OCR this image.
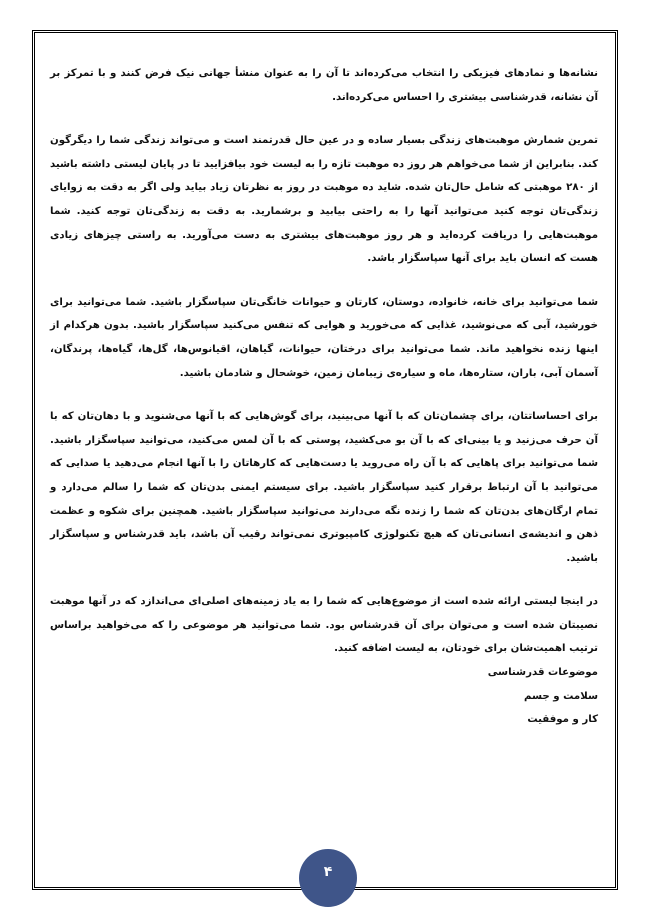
نشانه‌ها و نمادهای فیزیکی را انتخاب می‌کرده‌اند تا آن را به عنوان منشأ جهانی نیک فرض کنند و با تمرکز بر آن نشانه، قدرشناسی بیشتری را احساس می‌کرده‌اند.

تمرین شمارش موهبت‌های زندگی بسیار ساده و در عین حال قدرتمند است و می‌تواند زندگی شما را دیگرگون کند. بنابراین از شما می‌خواهم هر روز ده موهبت تازه را به لیست خود بیافزایید تا در پایان لیستی داشته باشید از ۲۸۰ موهبتی که شامل حال‌تان شده. شاید ده موهبت در روز به نظرتان زیاد بیاید ولی اگر به دقت به زوایای زندگی‌تان توجه کنید می‌توانید آنها را به راحتی بیابید و برشمارید. به دقت به زندگی‌تان توجه کنید. شما موهبت‌هایی را دریافت کرده‌اید و هر روز موهبت‌های بیشتری به دست می‌آورید. به راستی چیزهای زیادی هست که انسان باید برای آنها سپاسگزار باشد.

شما می‌توانید برای خانه، خانواده، دوستان، کارتان و حیوانات خانگی‌تان سپاسگزار باشید. شما می‌توانید برای خورشید، آبی که می‌نوشید، غذایی که می‌خورید و هوایی که تنفس می‌کنید سپاسگزار باشید. بدون هرکدام از اینها زنده نخواهید ماند. شما می‌توانید برای درختان، حیوانات، گیاهان، اقیانوس‌ها، گل‌ها، گیاه‌ها، پرندگان، آسمان آبی، باران، ستاره‌ها، ماه و سیاره‌ی زیبامان زمین، خوشحال و شادمان باشید.

برای احساساتتان، برای چشمان‌تان که با آنها می‌بینید، برای گوش‌هایی که با آنها می‌شنوید و با دهان‌تان که با آن حرف می‌زنید و یا بینی‌ای که با آن بو می‌کشید، پوستی که با آن لمس می‌کنید، می‌توانید سپاسگزار باشید. شما می‌توانید برای پاهایی که با آن راه می‌روید یا دست‌هایی که کارهاتان را با آنها انجام می‌دهید یا صدایی که می‌توانید با آن ارتباط برقرار کنید سپاسگزار باشید. برای سیستم ایمنی بدن‌تان که شما را سالم می‌دارد و تمام ارگان‌های بدن‌تان که شما را زنده نگه می‌دارند می‌توانید سپاسگزار باشید. همچنین برای شکوه و عظمت ذهن و اندیشه‌ی انسانی‌تان که هیچ تکنولوژی کامپیوتری نمی‌تواند رقیب آن باشد، باید قدرشناس و سپاسگزار باشید.

در اینجا لیستی ارائه شده است از موضوع‌هایی که شما را به یاد زمینه‌های اصلی‌ای می‌اندازد که در آنها موهبت نصیبتان شده است و می‌توان برای آن قدرشناس بود. شما می‌توانید هر موضوعی را که می‌خواهید براساس ترتیب اهمیت‌شان برای خودتان، به لیست اضافه کنید.

موضوعات قدرشناسی
سلامت و جسم
کار و موفقیت
۴
